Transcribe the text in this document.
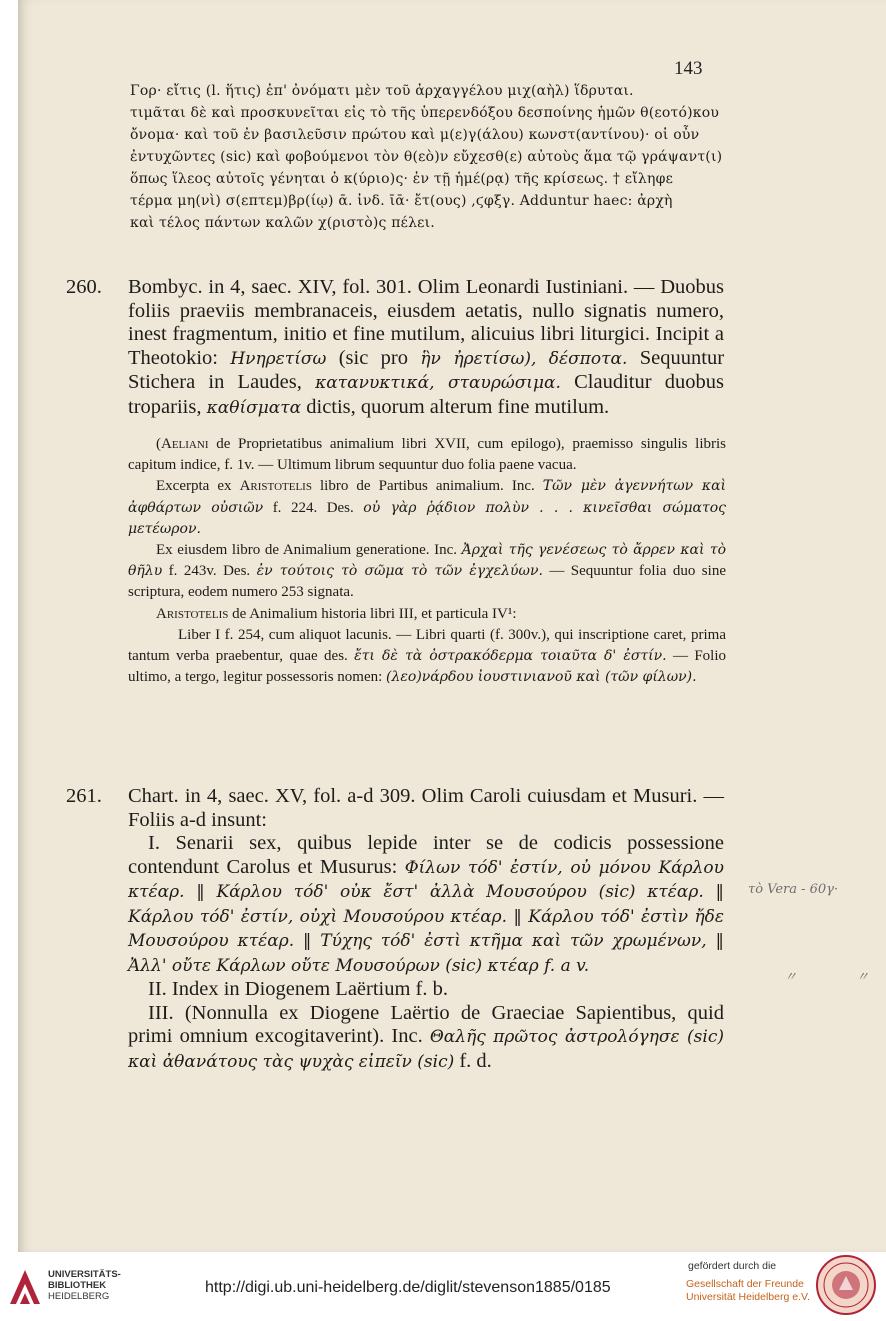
143
Γορ· εἴτις (l. ἥτις) ἐπ' ὀνόματι μὲν τοῦ ἀρχαγγέλου μιχ(αὴλ) ἵδρυται.
τιμᾶται δὲ καὶ προσκυνεῖται εἰς τὸ τῆς ὑπερενδόξου δεσποίνης ἡμῶν θ(εοτό)κου
ὄνομα· καὶ τοῦ ἐν βασιλεῦσιν πρώτου καὶ μ(ε)γ(άλου) κωνστ(αντίνου)· οἱ οὖν
ἐντυχῶντες (sic) καὶ φοβούμενοι τὸν θ(εὸ)ν εὔχεσθ(ε) αὐτοὺς ἅμα τῷ γράψαντ(ι)
ὅπως ἵλεος αὐτοῖς γένηται ὁ κ(ύριο)ς· ἐν τῇ ἡμέ(ρᾳ) τῆς κρίσεως. † εἴληφε
τέρμα μη(νὶ) σ(επτεμ)βρ(ίῳ) ᾱ. ἰνδ. ῑᾱ· ἔτ(ους) ,ϛφξγ. Adduntur haec: ἀρχὴ
καὶ τέλος πάντων καλῶν χ(ριστὸ)ς πέλει.
260.	Bombyc. in 4, saec. XIV, fol. 301. Olim Leonardi Iustiniani. — Duobus foliis praeviis membranaceis, eiusdem aetatis, nullo signatis numero, inest fragmentum, initio et fine mutilum, alicuius libri liturgici. Incipit a Theotokio: Ηνηρετίσω (sic pro ἣν ἠρετίσω), δέσποτα. Sequuntur Stichera in Laudes, κατανυκτικά, σταυρώσιμα. Clauditur duobus tropariis, καθίσματα dictis, quorum alterum fine mutilum.

(Aeliani de Proprietatibus animalium libri XVII, cum epilogo), praemisso singulis libris capitum indice, f. 1v. — Ultimum librum sequuntur duo folia paene vacua.

Excerpta ex Aristotelis libro de Partibus animalium. Inc. Τῶν μὲν ἀγεννήτων καὶ ἀφθάρτων οὐσιῶν f. 224. Des. οὐ γὰρ ῥᾴδιον πολὺν . . . κινεῖσθαι σώματος μετέωρον.

Ex eiusdem libro de Animalium generatione. Inc. Ἀρχαὶ τῆς γενέσεως τὸ ἄρρεν καὶ τὸ θῆλυ f. 243v. Des. ἐν τούτοις τὸ σῶμα τὸ τῶν ἐγχελύων. — Sequuntur folia duo sine scriptura, eodem numero 253 signata.

Aristotelis de Animalium historia libri III, et particula IV¹:

Liber I f. 254, cum aliquot lacunis. — Libri quarti (f. 300v.), qui inscriptione caret, prima tantum verba praebentur, quae des. ἔτι δὲ τὰ ὀστρακόδερμα τοιαῦτα δ' ἐστίν. — Folio ultimo, a tergo, legitur possessoris nomen: (λεο)νάρδου ἰουστινιανοῦ καὶ (τῶν φίλων).

261.	Chart. in 4, saec. XV, fol. a-d 309. Olim Caroli cuiusdam et Musuri. — Foliis a-d insunt:
I. Senarii sex, quibus lepide inter se de codicis possessione contendunt Carolus et Musurus: Φίλων τόδ' ἐστίν, οὐ μόνου Κάρλου κτέαρ. ‖ Κάρλου τόδ' οὐκ ἔστ' ἀλλὰ Μουσούρου (sic) κτέαρ. ‖ Κάρλου τόδ' ἐστίν, οὐχὶ Μουσούρου κτέαρ. ‖ Κάρλου τόδ' ἐστὶν ἤδε Μουσούρου κτέαρ. ‖ Τύχης τόδ' ἐστὶ κτῆμα καὶ τῶν χρωμένων, ‖ Ἀλλ' οὔτε Κάρλων οὔτε Μουσούρων (sic) κτέαρ f. a v.
II. Index in Diogenem Laërtium f. b.
III. (Nonnulla ex Diogene Laërtio de Graeciae Sapientibus, quid primi omnium excogitaverint). Inc. Θαλῆς πρῶτος ἀστρολόγησε (sic) καὶ ἀθανάτους τὰς ψυχὰς εἰπεῖν (sic) f. d.
τὸ Vera - 60γ·
〃	〃
UNIVERSITÄTS-
BIBLIOTHEK
HEIDELBERG
http://digi.ub.uni-heidelberg.de/diglit/stevenson1885/0185
gefördert durch die
Gesellschaft der Freunde
Universität Heidelberg e.V.
